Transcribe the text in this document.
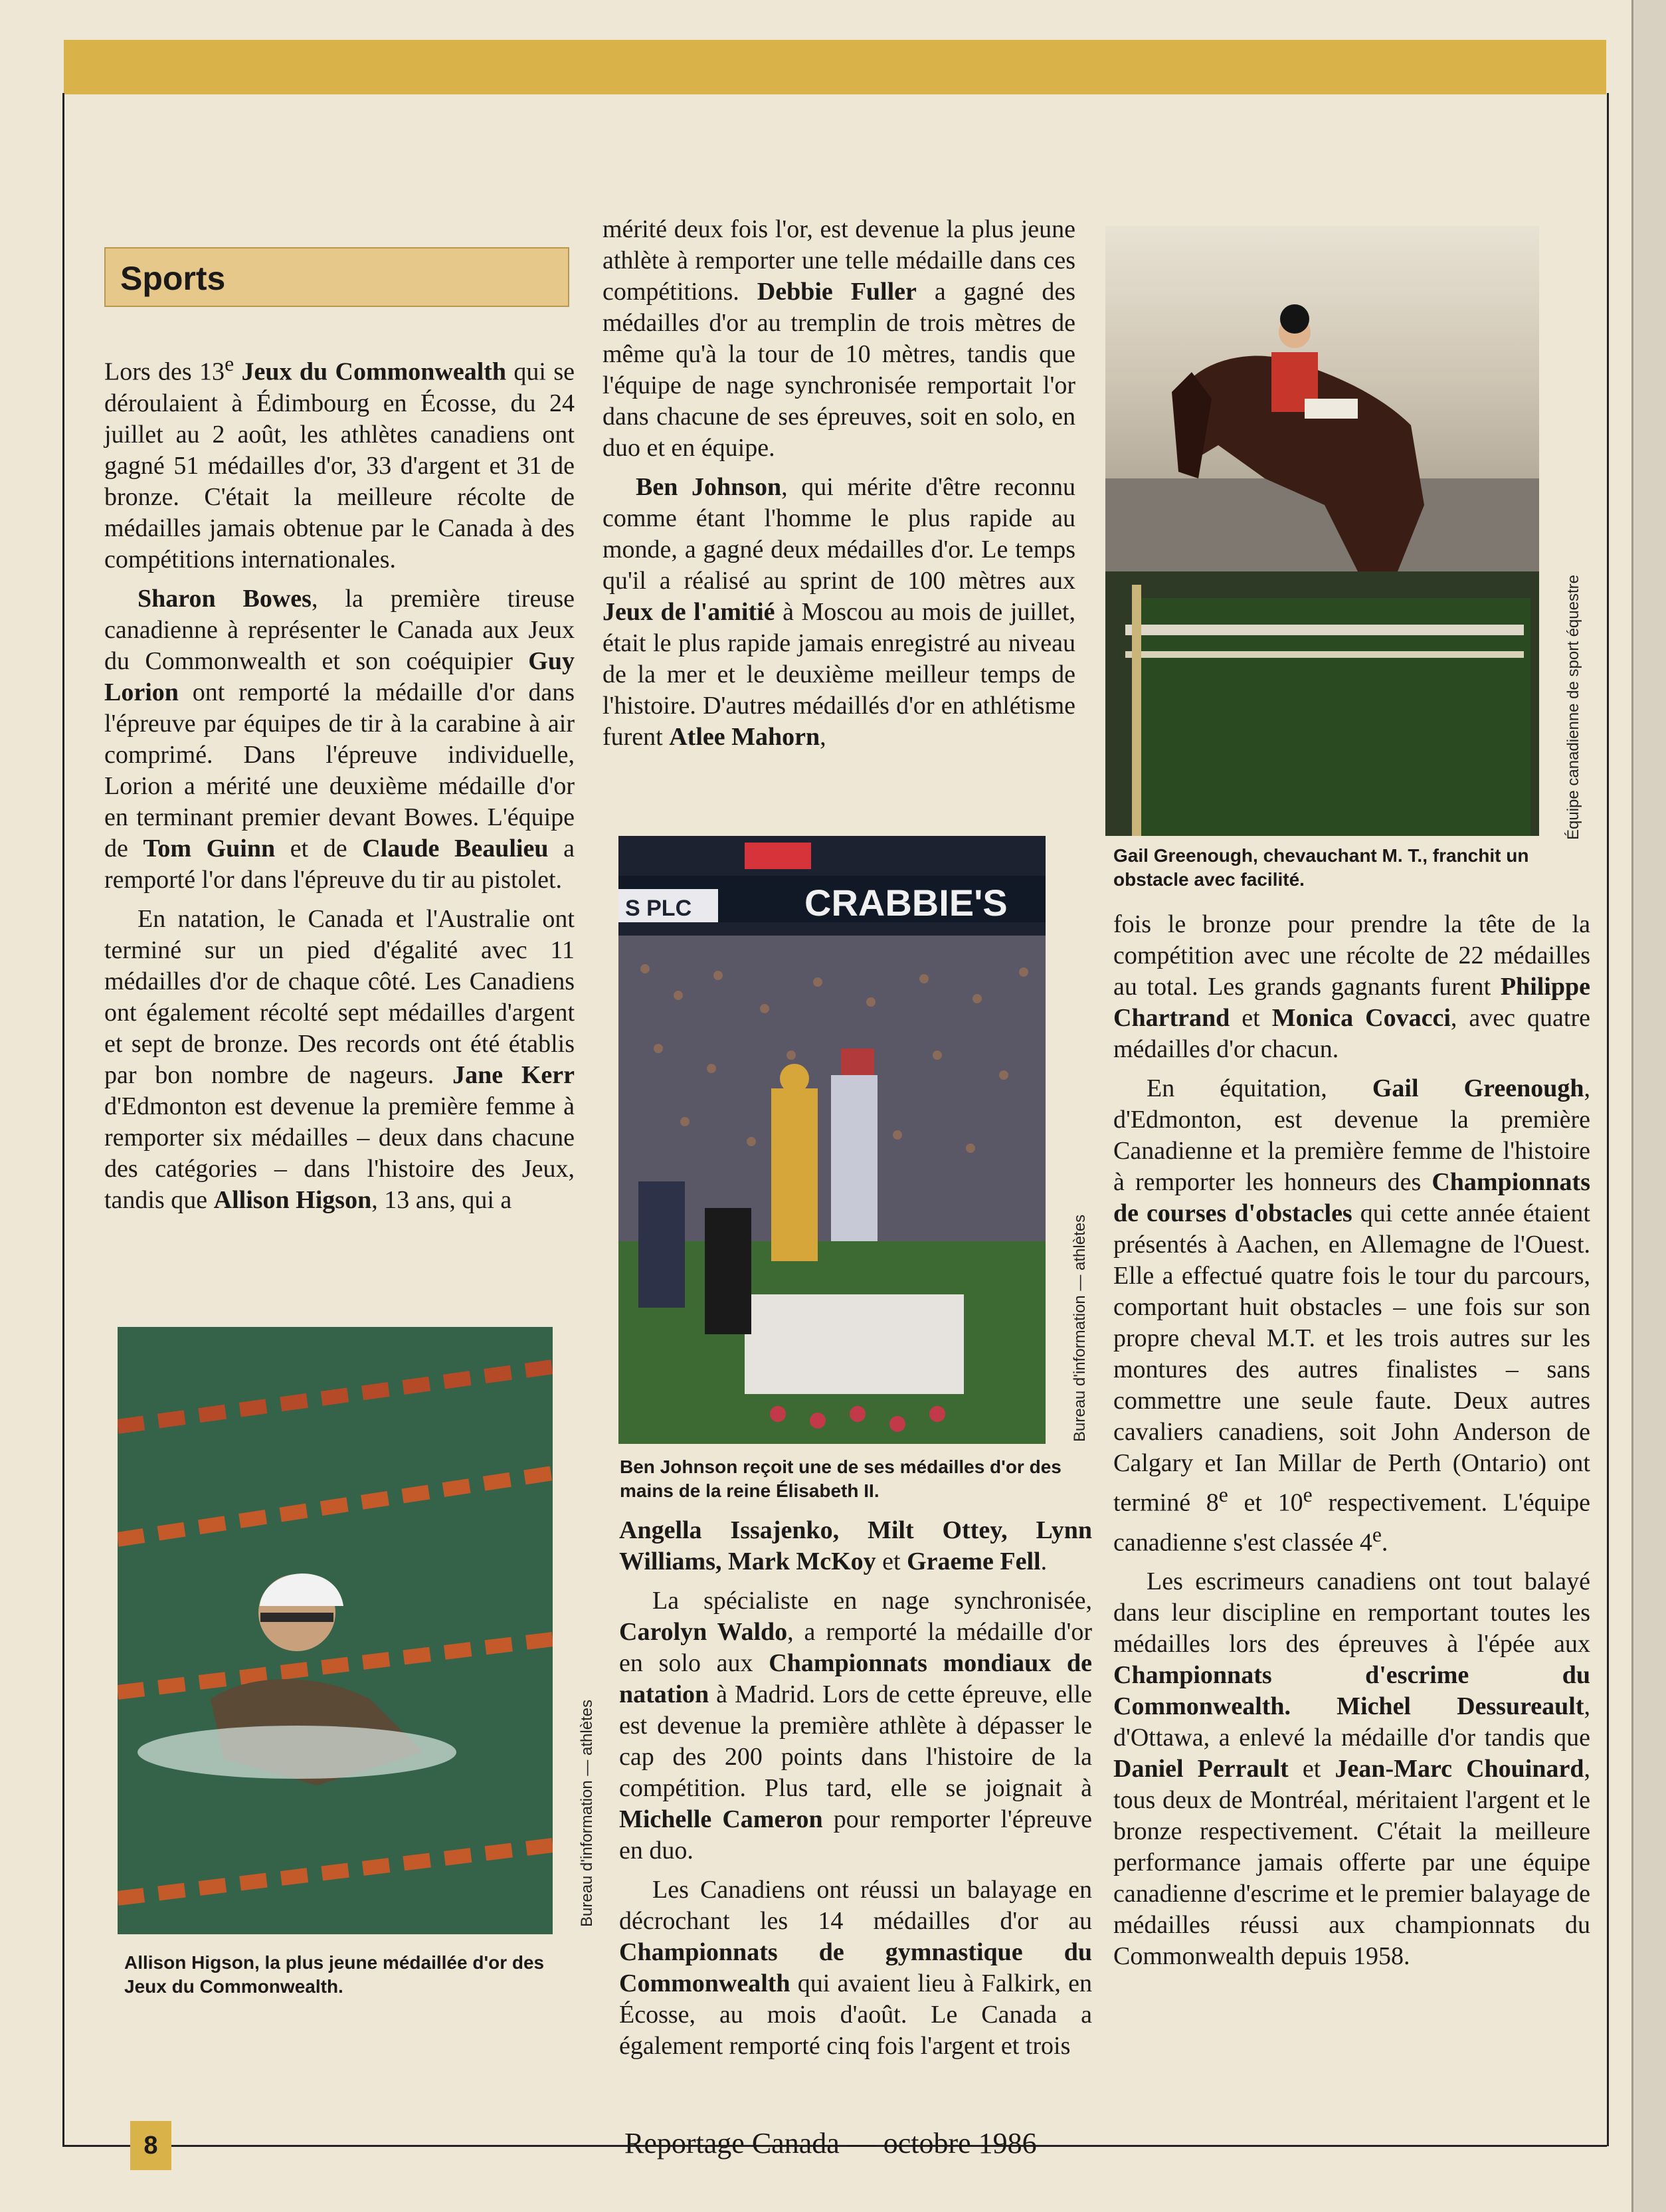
Sports

Lors des 13e Jeux du Commonwealth qui se déroulaient à Édimbourg en Écosse, du 24 juillet au 2 août, les athlètes canadiens ont gagné 51 médailles d'or, 33 d'argent et 31 de bronze. C'était la meilleure récolte de médailles jamais obtenue par le Canada à des compétitions internationales.

Sharon Bowes, la première tireuse canadienne à représenter le Canada aux Jeux du Commonwealth et son coéquipier Guy Lorion ont remporté la médaille d'or dans l'épreuve par équipes de tir à la carabine à air comprimé. Dans l'épreuve individuelle, Lorion a mérité une deuxième médaille d'or en terminant premier devant Bowes. L'équipe de Tom Guinn et de Claude Beaulieu a remporté l'or dans l'épreuve du tir au pistolet.

En natation, le Canada et l'Australie ont terminé sur un pied d'égalité avec 11 médailles d'or de chaque côté. Les Canadiens ont également récolté sept médailles d'argent et sept de bronze. Des records ont été établis par bon nombre de nageurs. Jane Kerr d'Edmonton est devenue la première femme à remporter six médailles – deux dans chacune des catégories – dans l'histoire des Jeux, tandis que Allison Higson, 13 ans, qui a

mérité deux fois l'or, est devenue la plus jeune athlète à remporter une telle médaille dans ces compétitions. Debbie Fuller a gagné des médailles d'or au tremplin de trois mètres de même qu'à la tour de 10 mètres, tandis que l'équipe de nage synchronisée remportait l'or dans chacune de ses épreuves, soit en solo, en duo et en équipe.

Ben Johnson, qui mérite d'être reconnu comme étant l'homme le plus rapide au monde, a gagné deux médailles d'or. Le temps qu'il a réalisé au sprint de 100 mètres aux Jeux de l'amitié à Moscou au mois de juillet, était le plus rapide jamais enregistré au niveau de la mer et le deuxième meilleur temps de l'histoire. D'autres médaillés d'or en athlétisme furent Atlee Mahorn,

Angella Issajenko, Milt Ottey, Lynn Williams, Mark McKoy et Graeme Fell.

La spécialiste en nage synchronisée, Carolyn Waldo, a remporté la médaille d'or en solo aux Championnats mondiaux de natation à Madrid. Lors de cette épreuve, elle est devenue la première athlète à dépasser le cap des 200 points dans l'histoire de la compétition. Plus tard, elle se joignait à Michelle Cameron pour remporter l'épreuve en duo.

Les Canadiens ont réussi un balayage en décrochant les 14 médailles d'or au Championnats de gymnastique du Commonwealth qui avaient lieu à Falkirk, en Écosse, au mois d'août. Le Canada a également remporté cinq fois l'argent et trois

fois le bronze pour prendre la tête de la compétition avec une récolte de 22 médailles au total. Les grands gagnants furent Philippe Chartrand et Monica Covacci, avec quatre médailles d'or chacun.

En équitation, Gail Greenough, d'Edmonton, est devenue la première Canadienne et la première femme de l'histoire à remporter les honneurs des Championnats de courses d'obstacles qui cette année étaient présentés à Aachen, en Allemagne de l'Ouest. Elle a effectué quatre fois le tour du parcours, comportant huit obstacles – une fois sur son propre cheval M.T. et les trois autres sur les montures des autres finalistes – sans commettre une seule faute. Deux autres cavaliers canadiens, soit John Anderson de Calgary et Ian Millar de Perth (Ontario) ont terminé 8e et 10e respectivement. L'équipe canadienne s'est classée 4e.

Les escrimeurs canadiens ont tout balayé dans leur discipline en remportant toutes les médailles lors des épreuves à l'épée aux Championnats d'escrime du Commonwealth. Michel Dessureault, d'Ottawa, a enlevé la médaille d'or tandis que Daniel Perrault et Jean-Marc Chouinard, tous deux de Montréal, méritaient l'argent et le bronze respectivement. C'était la meilleure performance jamais offerte par une équipe canadienne d'escrime et le premier balayage de médailles réussi aux championnats du Commonwealth depuis 1958.

Équipe canadienne de sport équestre
Gail Greenough, chevauchant M. T., franchit un obstacle avec facilité.
S PLC	CRABBIE'S
Bureau d'information — athlètes
Ben Johnson reçoit une de ses médailles d'or des mains de la reine Élisabeth II.
Bureau d'information — athlètes
Allison Higson, la plus jeune médaillée d'or des Jeux du Commonwealth.
8	Reportage Canada — octobre 1986
